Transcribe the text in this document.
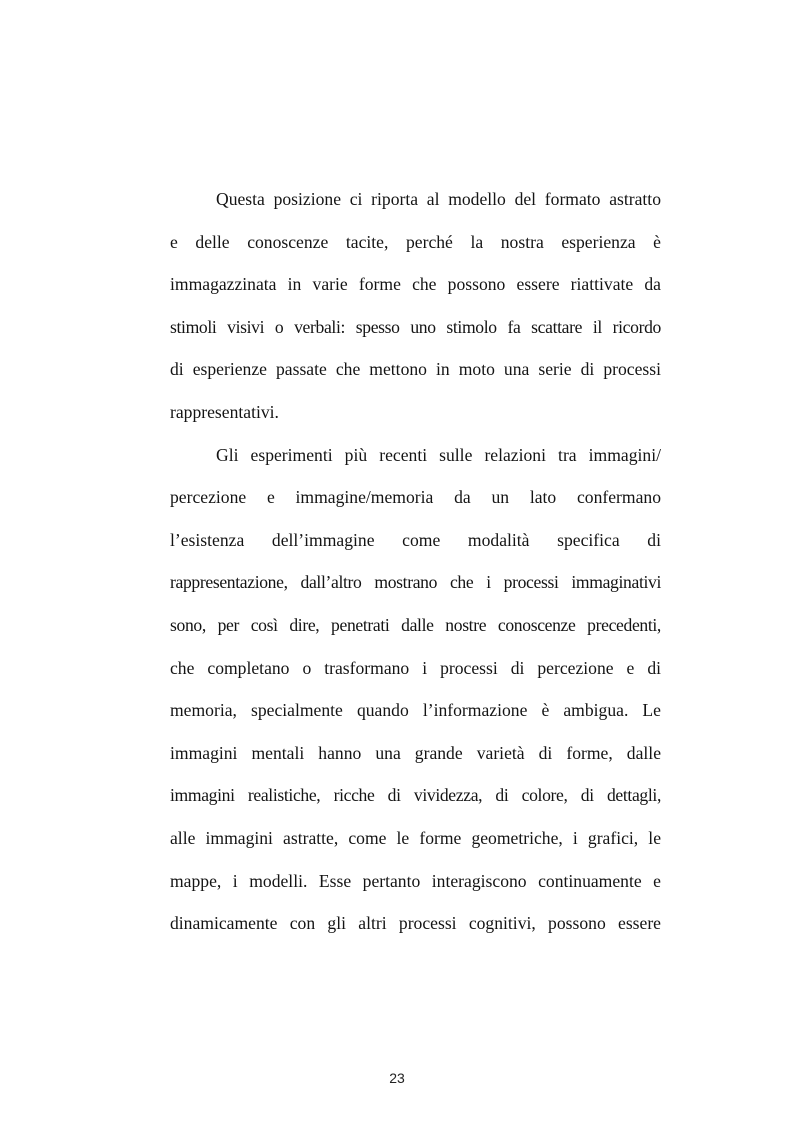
Questa posizione ci riporta al modello del formato astratto
e delle conoscenze tacite, perché la nostra esperienza è
immagazzinata in varie forme che possono essere riattivate da
stimoli visivi o verbali: spesso uno stimolo fa scattare il ricordo
di esperienze passate che mettono in moto una serie di processi
rappresentativi.
Gli esperimenti più recenti sulle relazioni tra immagini/
percezione e immagine/memoria da un lato confermano
l’esistenza dell’immagine come modalità specifica di
rappresentazione, dall’altro mostrano che i processi immaginativi
sono, per così dire, penetrati dalle nostre conoscenze precedenti,
che completano o trasformano i processi di percezione e di
memoria, specialmente quando l’informazione è ambigua. Le
immagini mentali hanno una grande varietà di forme, dalle
immagini realistiche, ricche di vividezza, di colore, di dettagli,
alle immagini astratte, come le forme geometriche, i grafici, le
mappe, i modelli. Esse pertanto interagiscono continuamente e
dinamicamente con gli altri processi cognitivi, possono essere
23
